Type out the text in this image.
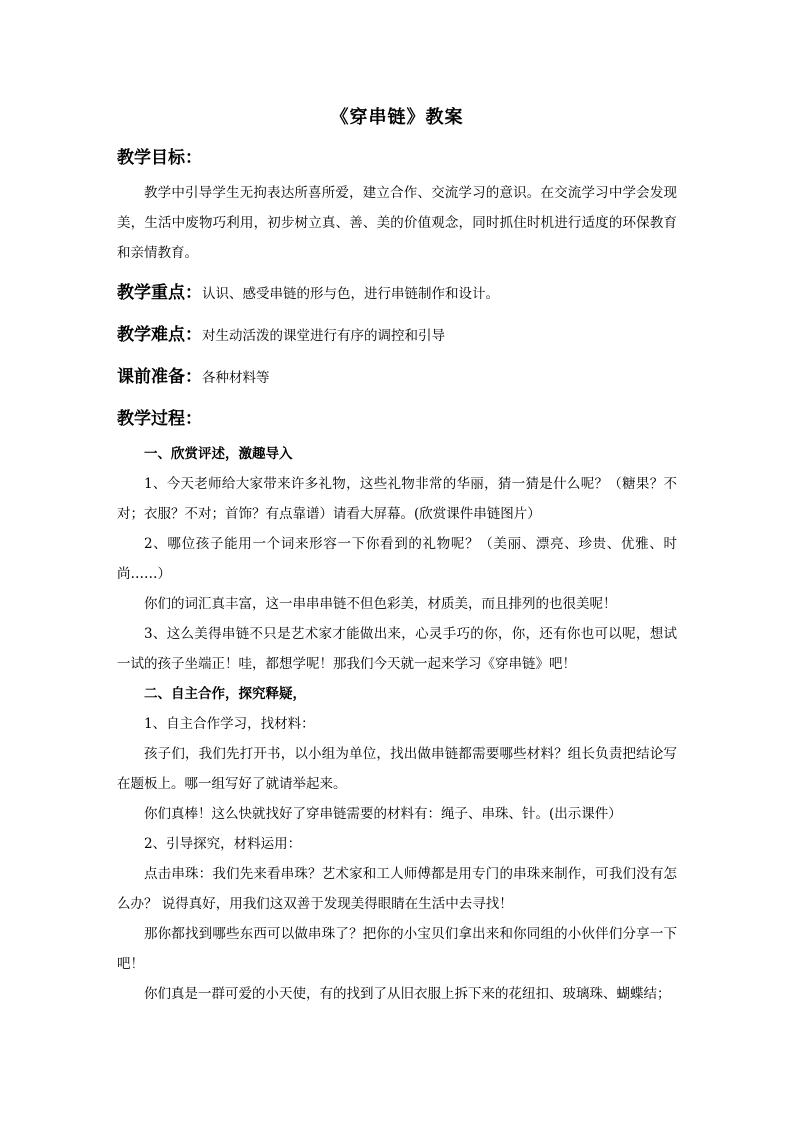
《穿串链》教案
教学目标：

教学中引导学生无拘表达所喜所爱，建立合作、交流学习的意识。在交流学习中学会发现美，生活中废物巧利用，初步树立真、善、美的价值观念，同时抓住时机进行适度的环保教育和亲情教育。

教学重点：认识、感受串链的形与色，进行串链制作和设计。
教学难点：对生动活泼的课堂进行有序的调控和引导
课前准备：各种材料等
教学过程：

一、欣赏评述，激趣导入

1、今天老师给大家带来许多礼物，这些礼物非常的华丽，猜一猜是什么呢？（糖果？不对；衣服？不对；首饰？有点靠谱）请看大屏幕。(欣赏课件串链图片）

2、哪位孩子能用一个词来形容一下你看到的礼物呢？（美丽、漂亮、珍贵、优雅、时尚……）

你们的词汇真丰富，这一串串串链不但色彩美，材质美，而且排列的也很美呢！

3、这么美得串链不只是艺术家才能做出来，心灵手巧的你，你，还有你也可以呢，想试一试的孩子坐端正！哇，都想学呢！那我们今天就一起来学习《穿串链》吧！

二、自主合作，探究释疑，

1、自主合作学习，找材料：

孩子们，我们先打开书，以小组为单位，找出做串链都需要哪些材料？组长负责把结论写在题板上。哪一组写好了就请举起来。

你们真棒！这么快就找好了穿串链需要的材料有：绳子、串珠、针。(出示课件）

2、引导探究，材料运用：

点击串珠：我们先来看串珠？艺术家和工人师傅都是用专门的串珠来制作，可我们没有怎么办？ 说得真好，用我们这双善于发现美得眼睛在生活中去寻找！

那你都找到哪些东西可以做串珠了？把你的小宝贝们拿出来和你同组的小伙伴们分享一下吧！

你们真是一群可爱的小天使，有的找到了从旧衣服上拆下来的花纽扣、玻璃珠、蝴蝶结；
